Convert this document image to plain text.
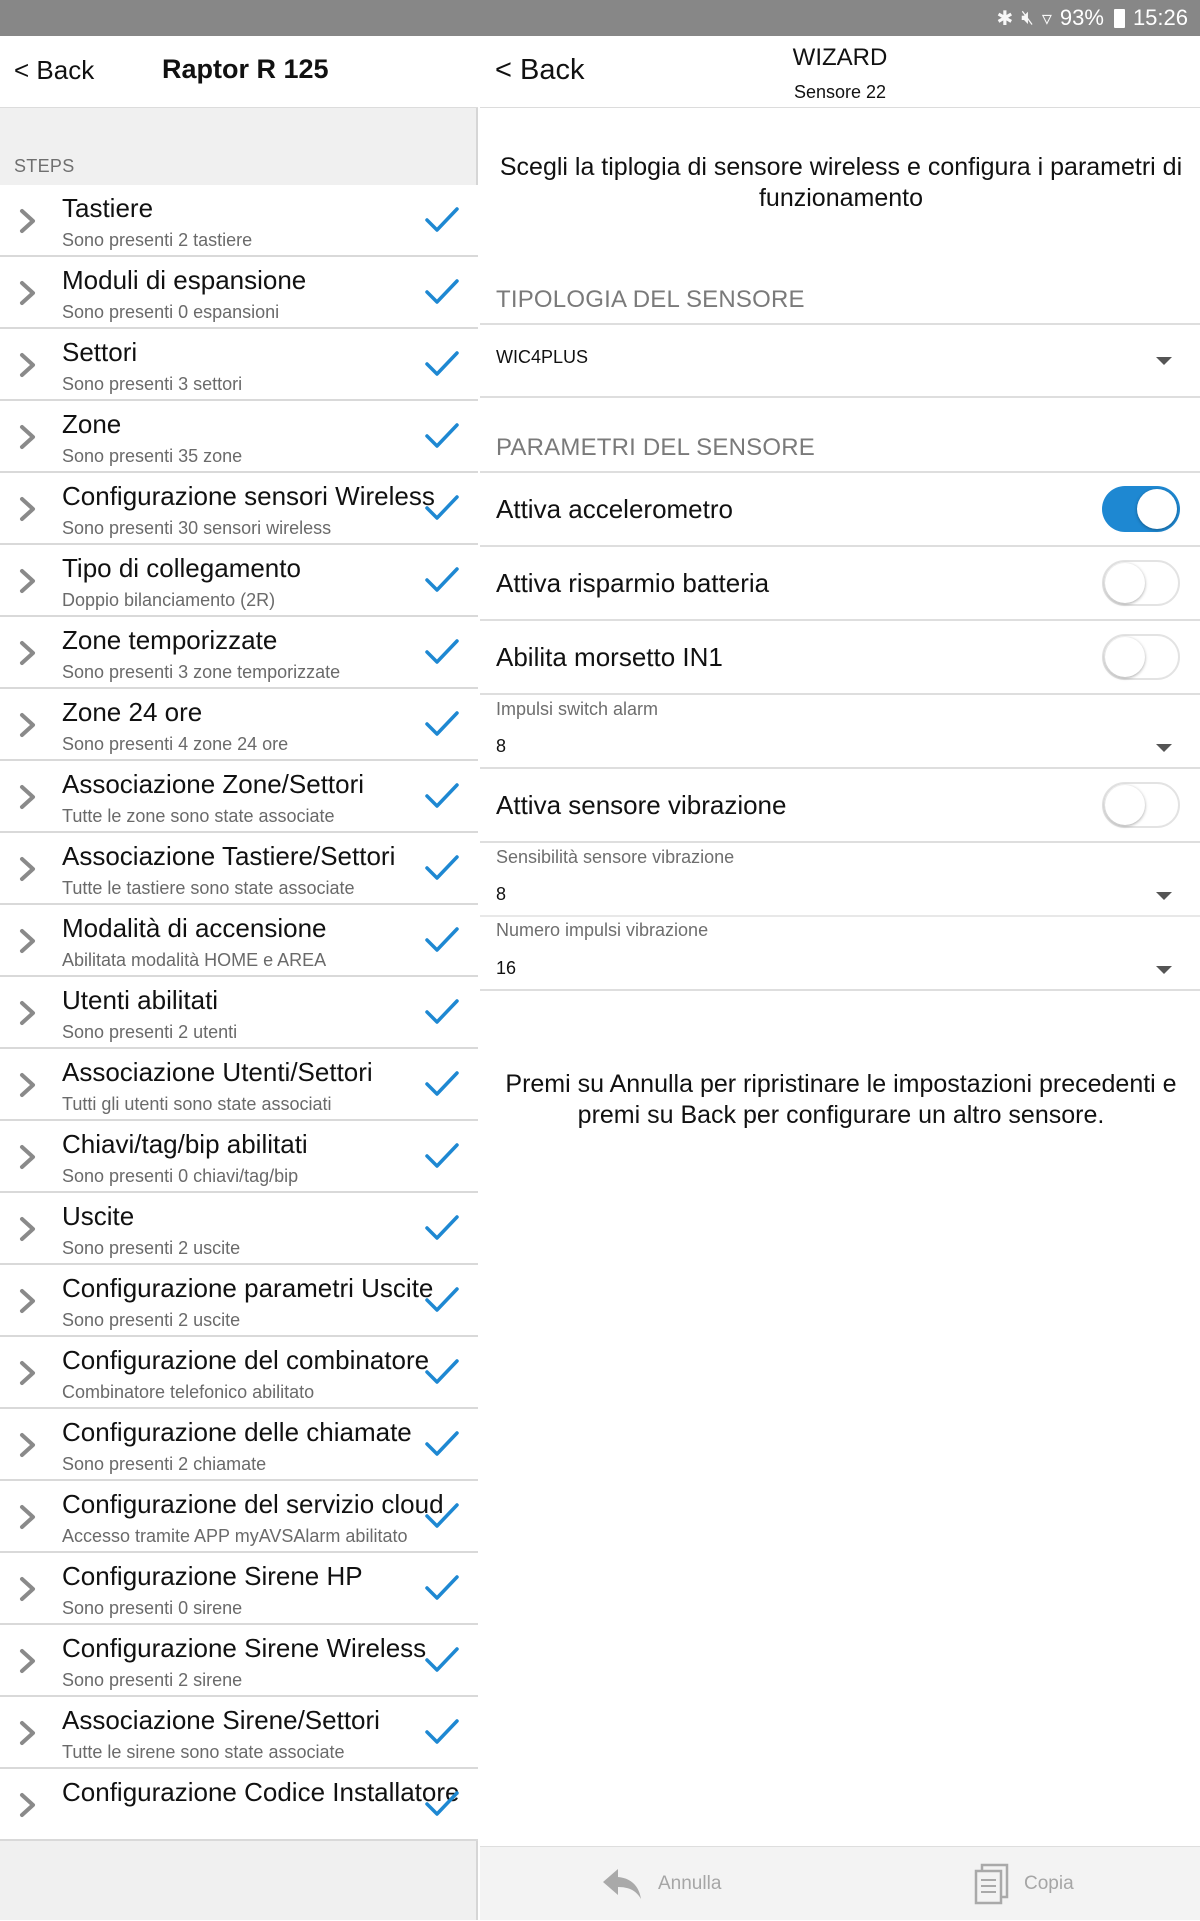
✱ 🔇︎ ▿ 93% 15:26
< Back	Raptor R 125
STEPS
Tastiere
Sono presenti 2 tastiere
Moduli di espansione
Sono presenti 0 espansioni
Settori
Sono presenti 3 settori
Zone
Sono presenti 35 zone
Configurazione sensori Wireless
Sono presenti 30 sensori wireless
Tipo di collegamento
Doppio bilanciamento (2R)
Zone temporizzate
Sono presenti 3 zone temporizzate
Zone 24 ore
Sono presenti 4 zone 24 ore
Associazione Zone/Settori
Tutte le zone sono state associate
Associazione Tastiere/Settori
Tutte le tastiere sono state associate
Modalità di accensione
Abilitata modalità HOME e AREA
Utenti abilitati
Sono presenti 2 utenti
Associazione Utenti/Settori
Tutti gli utenti sono state associati
Chiavi/tag/bip abilitati
Sono presenti 0 chiavi/tag/bip
Uscite
Sono presenti 2 uscite
Configurazione parametri Uscite
Sono presenti 2 uscite
Configurazione del combinatore
Combinatore telefonico abilitato
Configurazione delle chiamate
Sono presenti 2 chiamate
Configurazione del servizio cloud
Accesso tramite APP myAVSAlarm abilitato
Configurazione Sirene HP
Sono presenti 0 sirene
Configurazione Sirene Wireless
Sono presenti 2 sirene
Associazione Sirene/Settori
Tutte le sirene sono state associate
Configurazione Codice Installatore
< Back	WIZARD
Sensore 22
Scegli la tiplogia di sensore wireless e configura i parametri di funzionamento
TIPOLOGIA DEL SENSORE
WIC4PLUS
PARAMETRI DEL SENSORE
Attiva accelerometro
Attiva risparmio batteria
Abilita morsetto IN1
Impulsi switch alarm
8
Attiva sensore vibrazione
Sensibilità sensore vibrazione
8
Numero impulsi vibrazione
16
Premi su Annulla per ripristinare le impostazioni precedenti e premi su Back per configurare un altro sensore.
Annulla	Copia
